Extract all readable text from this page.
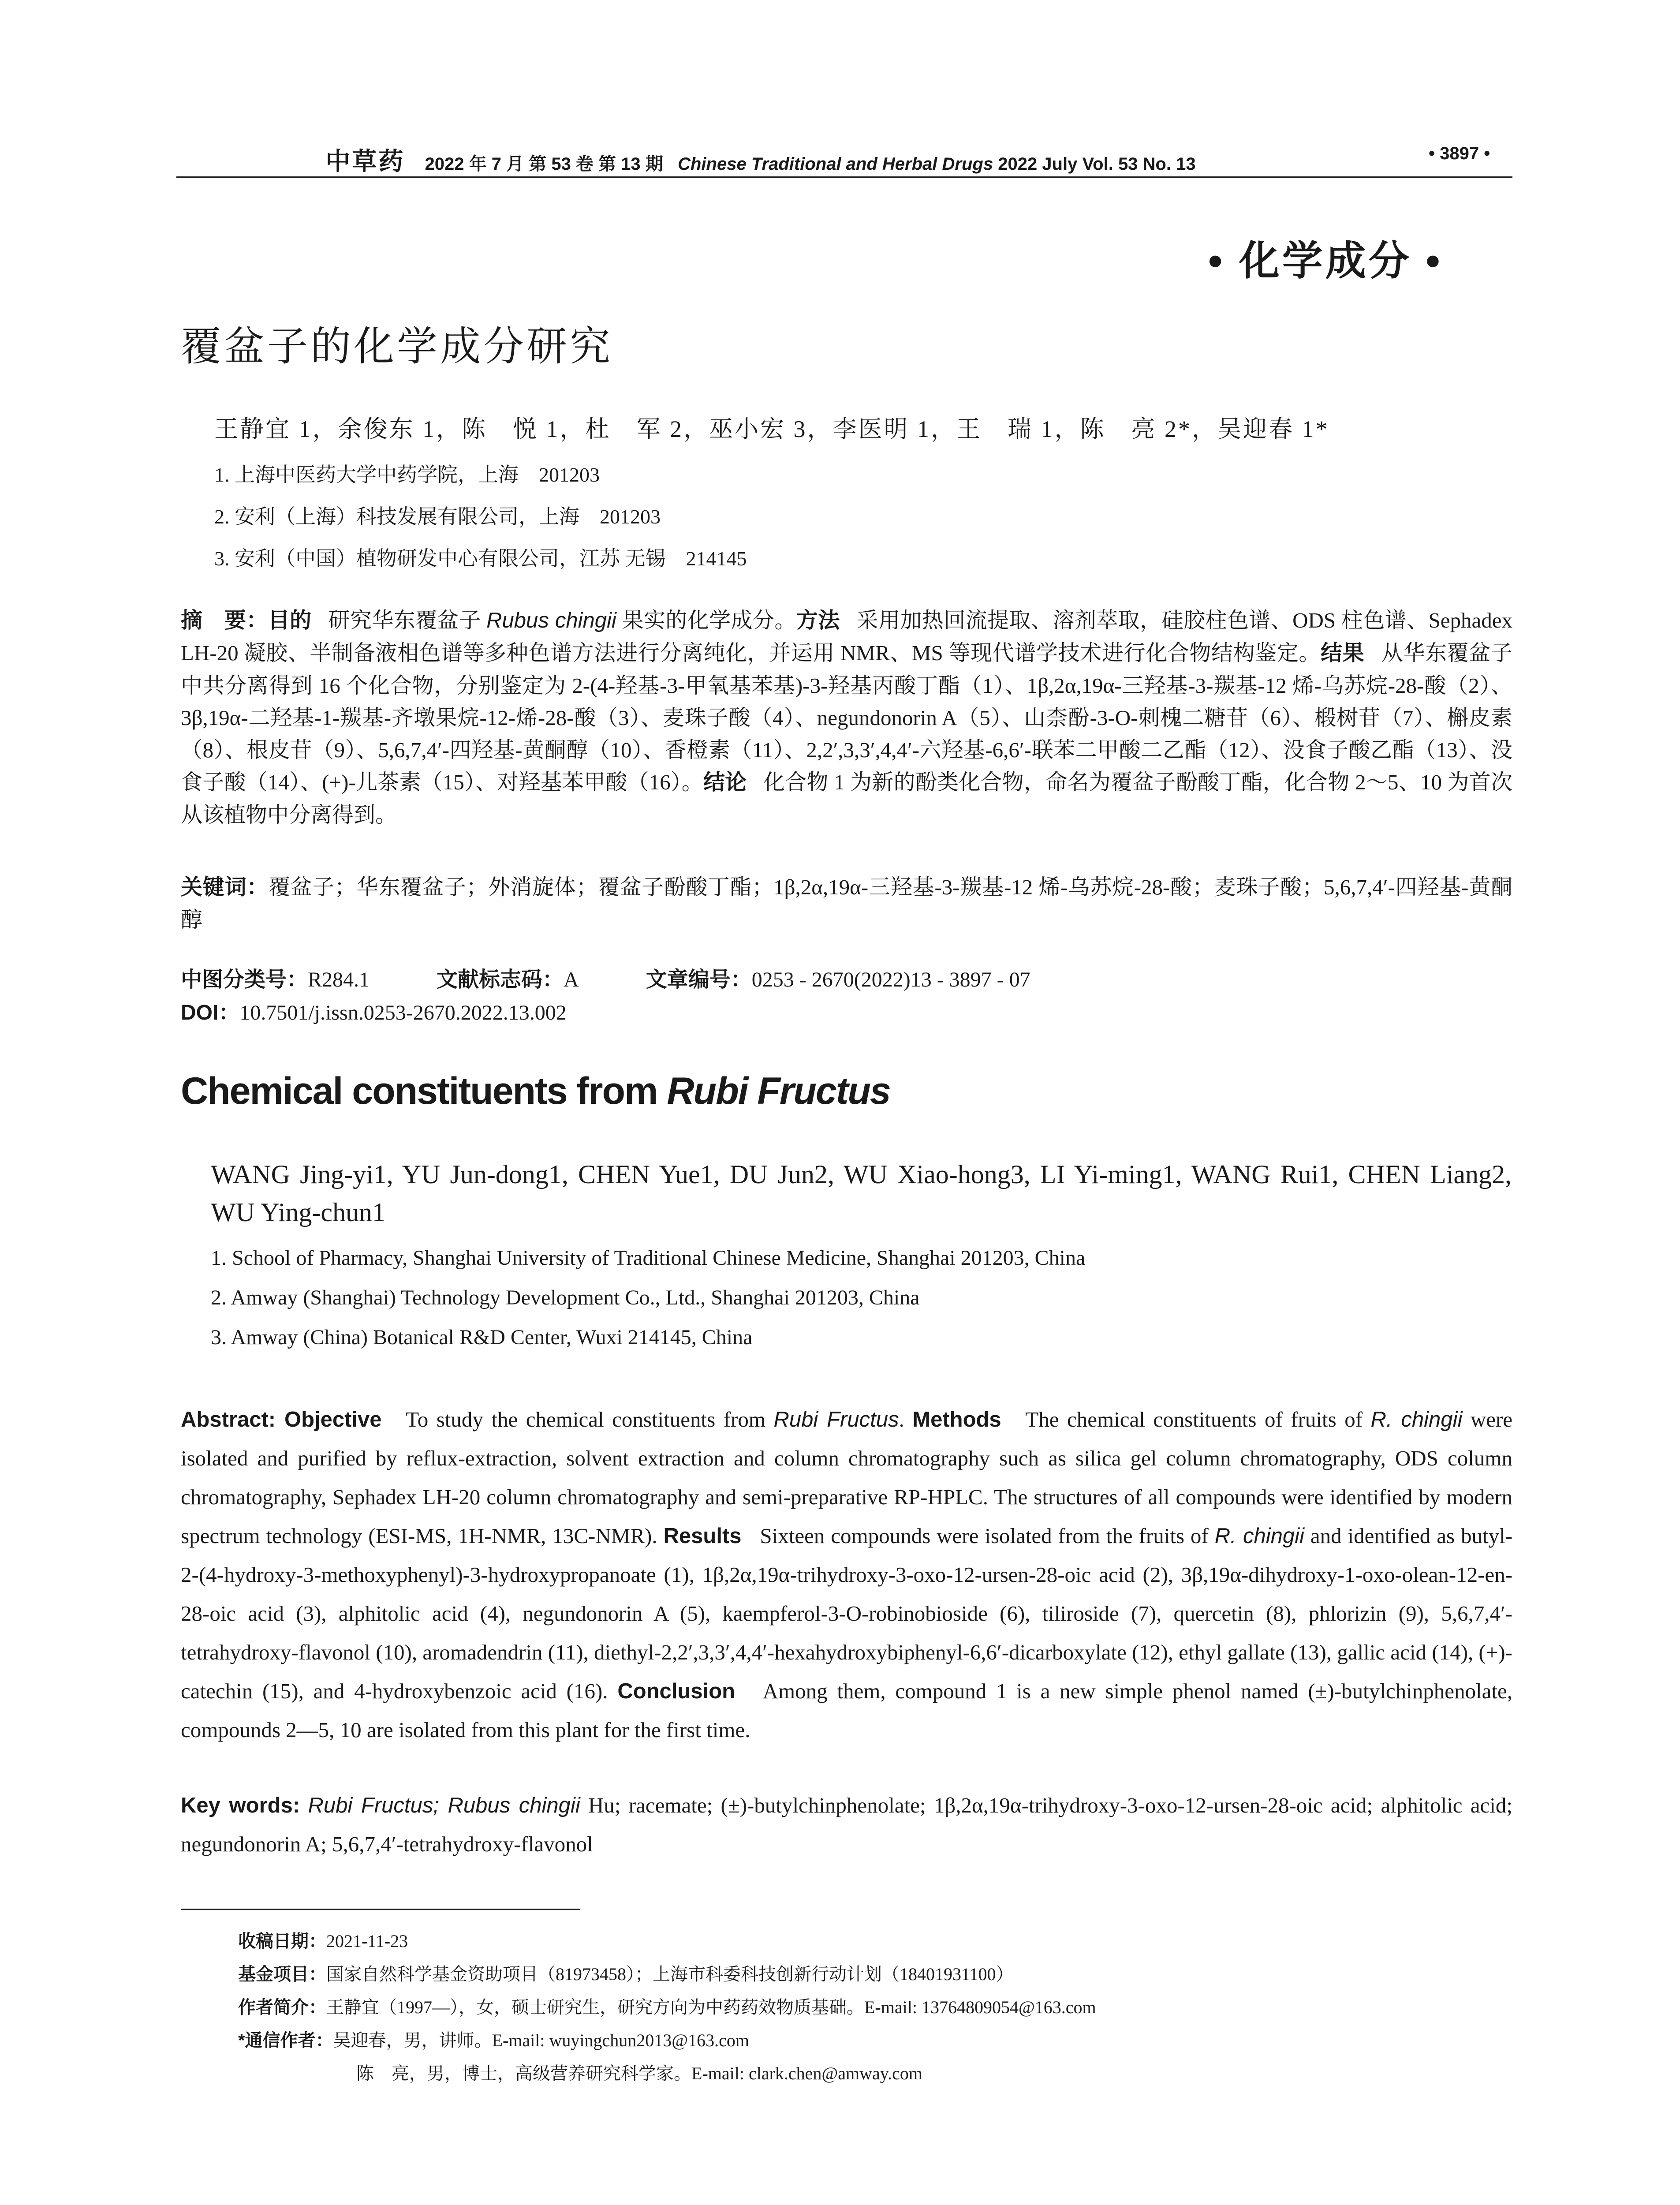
中草药 2022 年 7 月 第 53 卷 第 13 期 Chinese Traditional and Herbal Drugs 2022 July Vol. 53 No. 13
• 3897 •
• 化学成分 •
覆盆子的化学成分研究
王静宜 1，余俊东 1，陈　悦 1，杜　军 2，巫小宏 3，李医明 1，王　瑞 1，陈　亮 2*，吴迎春 1*
1. 上海中医药大学中药学院，上海　201203
2. 安利（上海）科技发展有限公司，上海　201203
3. 安利（中国）植物研发中心有限公司，江苏 无锡　214145
摘　要：目的 研究华东覆盆子 Rubus chingii 果实的化学成分。方法 采用加热回流提取、溶剂萃取，硅胶柱色谱、ODS 柱色谱、Sephadex LH-20 凝胶、半制备液相色谱等多种色谱方法进行分离纯化，并运用 NMR、MS 等现代谱学技术进行化合物结构鉴定。结果 从华东覆盆子中共分离得到 16 个化合物，分别鉴定为 2-(4-羟基-3-甲氧基苯基)-3-羟基丙酸丁酯（1）、1β,2α,19α-三羟基-3-羰基-12 烯-乌苏烷-28-酸（2）、3β,19α-二羟基-1-羰基-齐墩果烷-12-烯-28-酸（3）、麦珠子酸（4）、negundonorin A（5）、山柰酚-3-O-刺槐二糖苷（6）、椴树苷（7）、槲皮素（8）、根皮苷（9）、5,6,7,4′-四羟基-黄酮醇（10）、香橙素（11）、2,2′,3,3′,4,4′-六羟基-6,6′-联苯二甲酸二乙酯（12）、没食子酸乙酯（13）、没食子酸（14）、(+)-儿茶素（15）、对羟基苯甲酸（16）。结论 化合物 1 为新的酚类化合物，命名为覆盆子酚酸丁酯，化合物 2～5、10 为首次从该植物中分离得到。
关键词：覆盆子；华东覆盆子；外消旋体；覆盆子酚酸丁酯；1β,2α,19α-三羟基-3-羰基-12 烯-乌苏烷-28-酸；麦珠子酸；5,6,7,4′-四羟基-黄酮醇
中图分类号：R284.1	文献标志码：A	文章编号：0253 - 2670(2022)13 - 3897 - 07
DOI：10.7501/j.issn.0253-2670.2022.13.002
Chemical constituents from Rubi Fructus
WANG Jing-yi1, YU Jun-dong1, CHEN Yue1, DU Jun2, WU Xiao-hong3, LI Yi-ming1, WANG Rui1, CHEN Liang2, WU Ying-chun1
1. School of Pharmacy, Shanghai University of Traditional Chinese Medicine, Shanghai 201203, China
2. Amway (Shanghai) Technology Development Co., Ltd., Shanghai 201203, China
3. Amway (China) Botanical R&D Center, Wuxi 214145, China
Abstract: Objective To study the chemical constituents from Rubi Fructus. Methods The chemical constituents of fruits of R. chingii were isolated and purified by reflux-extraction, solvent extraction and column chromatography such as silica gel column chromatography, ODS column chromatography, Sephadex LH-20 column chromatography and semi-preparative RP-HPLC. The structures of all compounds were identified by modern spectrum technology (ESI-MS, 1H-NMR, 13C-NMR). Results Sixteen compounds were isolated from the fruits of R. chingii and identified as butyl-2-(4-hydroxy-3-methoxyphenyl)-3-hydroxypropanoate (1), 1β,2α,19α-trihydroxy-3-oxo-12-ursen-28-oic acid (2), 3β,19α-dihydroxy-1-oxo-olean-12-en-28-oic acid (3), alphitolic acid (4), negundonorin A (5), kaempferol-3-O-robinobioside (6), tiliroside (7), quercetin (8), phlorizin (9), 5,6,7,4′-tetrahydroxy-flavonol (10), aromadendrin (11), diethyl-2,2′,3,3′,4,4′-hexahydroxybiphenyl-6,6′-dicarboxylate (12), ethyl gallate (13), gallic acid (14), (+)-catechin (15), and 4-hydroxybenzoic acid (16). Conclusion Among them, compound 1 is a new simple phenol named (±)-butylchinphenolate, compounds 2—5, 10 are isolated from this plant for the first time.
Key words: Rubi Fructus; Rubus chingii Hu; racemate; (±)-butylchinphenolate; 1β,2α,19α-trihydroxy-3-oxo-12-ursen-28-oic acid; alphitolic acid; negundonorin A; 5,6,7,4′-tetrahydroxy-flavonol
收稿日期：2021-11-23
基金项目：国家自然科学基金资助项目（81973458）；上海市科委科技创新行动计划（18401931100）
作者简介：王静宜（1997—），女，硕士研究生，研究方向为中药药效物质基础。E-mail: 13764809054@163.com
*通信作者：吴迎春，男，讲师。E-mail: wuyingchun2013@163.com
陈　亮，男，博士，高级营养研究科学家。E-mail: clark.chen@amway.com
